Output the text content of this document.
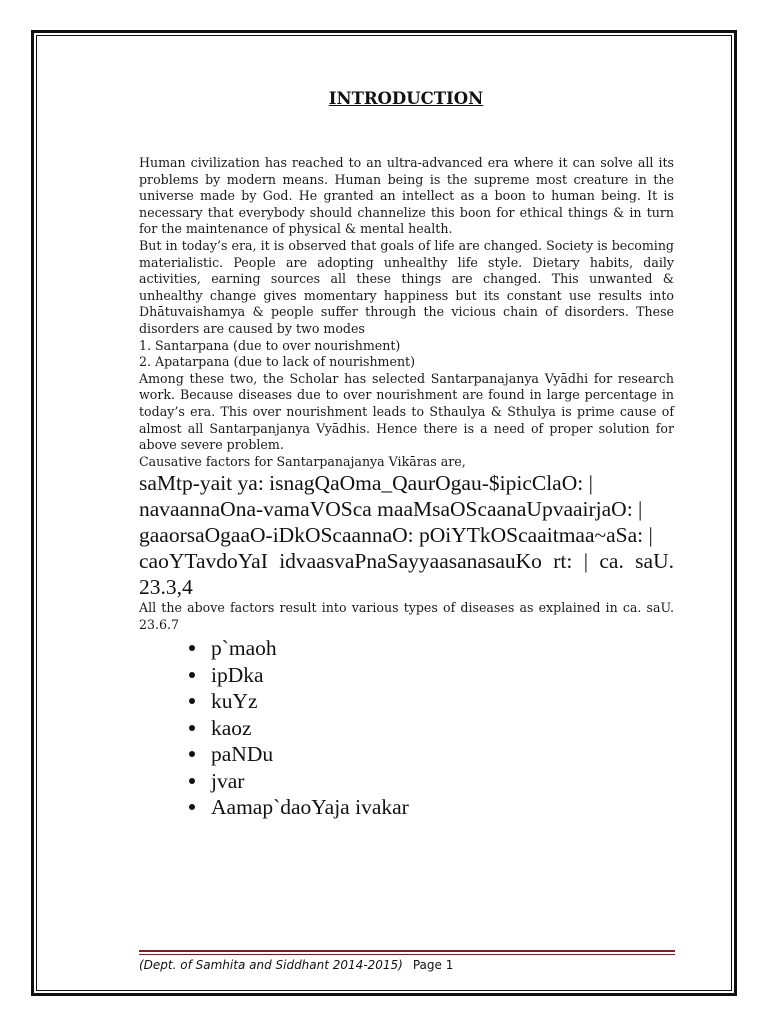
INTRODUCTION

Human civilization has reached to an ultra-advanced era where it can solve all its problems by modern means. Human being is the supreme most creature in the universe made by God. He granted an intellect as a boon to human being. It is necessary that everybody should channelize this boon for ethical things & in turn for the maintenance of physical & mental health.

But in today’s era, it is observed that goals of life are changed. Society is becoming materialistic. People are adopting unhealthy life style. Dietary habits, daily activities, earning sources all these things are changed. This unwanted & unhealthy change gives momentary happiness but its constant use results into Dhātuvaishamya & people suffer through the vicious chain of disorders. These disorders are caused by two modes

1. Santarpana (due to over nourishment)

2. Apatarpana (due to lack of nourishment)

Among these two, the Scholar has selected Santarpanajanya Vyādhi for research work. Because diseases due to over nourishment are found in large percentage in today’s era. This over nourishment leads to Sthaulya & Sthulya is prime cause of almost all Santarpanjanya Vyādhis. Hence there is a need of proper solution for above severe problem.

Causative factors for Santarpanajanya Vikāras are,

saMtp-yait ya: isnagQaOma_QaurOgau-$ipicClaO: |

navaannaOna-vamaVOSca maaMsaOScaanaUpvaairjaO: |

gaaorsaOgaaO-iDkOScaannaO: pOiYTkOScaaitmaa~aSa: |

caoYTavdoYaI idvaasvaPnaSayyaasanasauKo rt: | ca. saU. 23.3,4

All the above factors result into various types of diseases as explained in ca. saU. 23.6.7

p`maoh
ipDka
kuYz
kaoz
paNDu
jvar
Aamap`daoYaja ivakar
(Dept. of Samhita and Siddhant 2014-2015) Page 1
